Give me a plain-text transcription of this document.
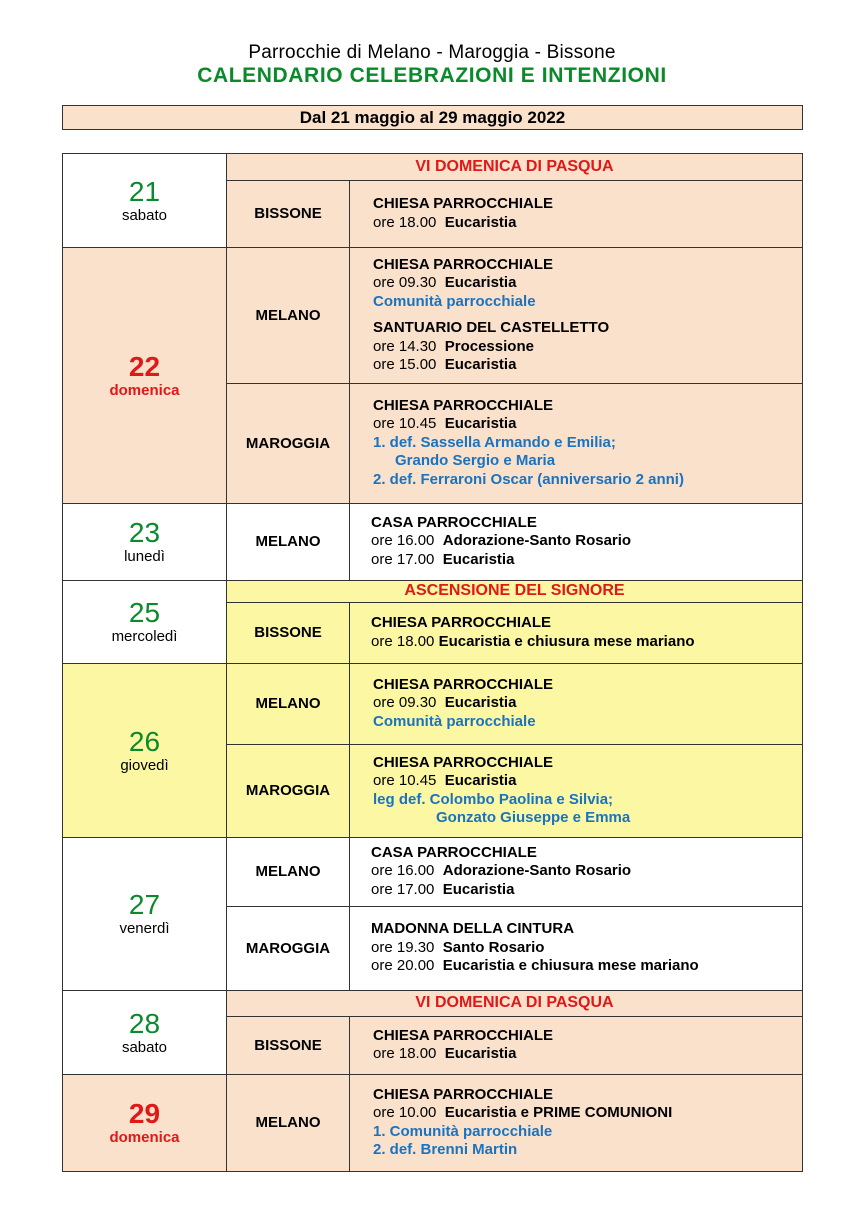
Parrocchie di Melano - Maroggia - Bissone
CALENDARIO CELEBRAZIONI E INTENZIONI
Dal 21 maggio al 29 maggio 2022
21
sabato
22
domenica
23
lunedì
25
mercoledì
26
giovedì
27
venerdì
28
sabato
29
domenica
VI DOMENICA DI PASQUA
ASCENSIONE DEL SIGNORE
VI DOMENICA DI PASQUA
BISSONE
MELANO
MAROGGIA
MELANO
BISSONE
MELANO
MAROGGIA
MELANO
MAROGGIA
BISSONE
MELANO
CHIESA PARROCCHIALE
ore 18.00 Eucaristia
CHIESA PARROCCHIALE
ore 09.30 Eucaristia
Comunità parrocchiale
SANTUARIO DEL CASTELLETTO
ore 14.30 Processione
ore 15.00 Eucaristia
CHIESA PARROCCHIALE
ore 10.45 Eucaristia
1. def. Sassella Armando e Emilia;
Grando Sergio e Maria
2. def. Ferraroni Oscar (anniversario 2 anni)
CASA PARROCCHIALE
ore 16.00 Adorazione-Santo Rosario
ore 17.00 Eucaristia
CHIESA PARROCCHIALE
ore 18.00 Eucaristia e chiusura mese mariano
CHIESA PARROCCHIALE
ore 09.30 Eucaristia
Comunità parrocchiale
CHIESA PARROCCHIALE
ore 10.45 Eucaristia
leg def. Colombo Paolina e Silvia;
Gonzato Giuseppe e Emma
CASA PARROCCHIALE
ore 16.00 Adorazione-Santo Rosario
ore 17.00 Eucaristia
MADONNA DELLA CINTURA
ore 19.30 Santo Rosario
ore 20.00 Eucaristia e chiusura mese mariano
CHIESA PARROCCHIALE
ore 18.00 Eucaristia
CHIESA PARROCCHIALE
ore 10.00 Eucaristia e PRIME COMUNIONI
1. Comunità parrocchiale
2. def. Brenni Martin
